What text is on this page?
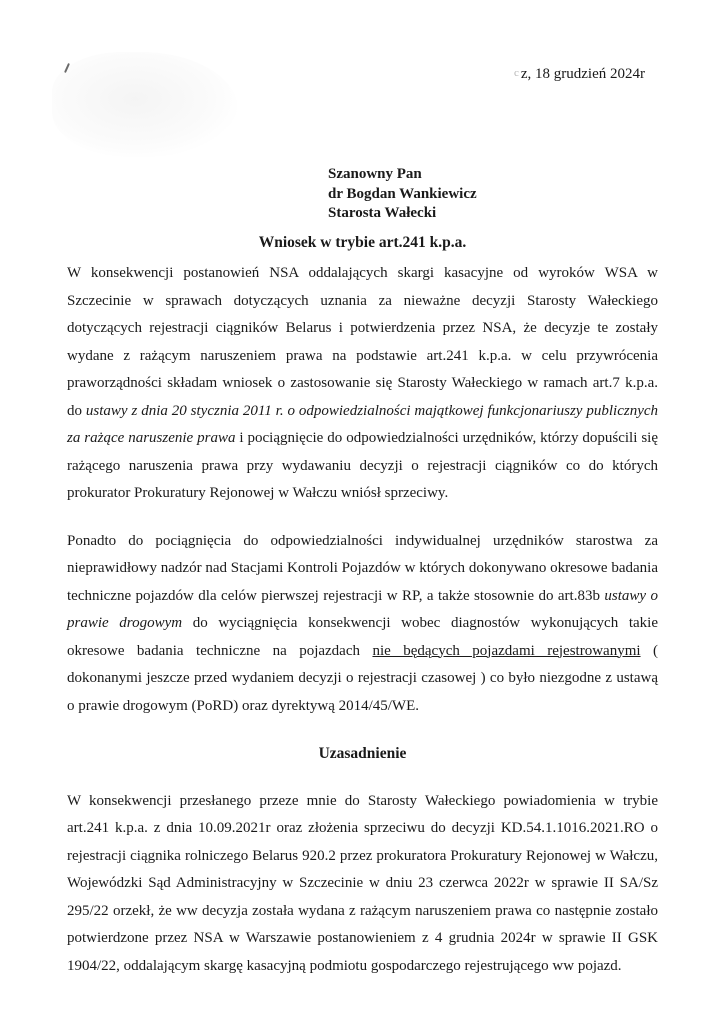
c z, 18 grudzień 2024r
Szanowny Pan
dr Bogdan Wankiewicz
Starosta Wałecki
Wniosek w trybie art.241 k.p.a.

W konsekwencji postanowień NSA oddalających skargi kasacyjne od wyroków WSA w Szczecinie w sprawach dotyczących uznania za nieważne decyzji Starosty Wałeckiego dotyczących rejestracji ciągników Belarus i potwierdzenia przez NSA, że decyzje te zostały wydane z rażącym naruszeniem prawa na podstawie art.241 k.p.a. w celu przywrócenia praworządności składam wniosek o zastosowanie się Starosty Wałeckiego w ramach art.7 k.p.a. do ustawy z dnia 20 stycznia 2011 r. o odpowiedzialności majątkowej funkcjonariuszy publicznych za rażące naruszenie prawa i pociągnięcie do odpowiedzialności urzędników, którzy dopuścili się rażącego naruszenia prawa przy wydawaniu decyzji o rejestracji ciągników co do których prokurator Prokuratury Rejonowej w Wałczu wniósł sprzeciwy.

Ponadto do pociągnięcia do odpowiedzialności indywidualnej urzędników starostwa za nieprawidłowy nadzór nad Stacjami Kontroli Pojazdów w których dokonywano okresowe badania techniczne pojazdów dla celów pierwszej rejestracji w RP, a także stosownie do art.83b ustawy o prawie drogowym do wyciągnięcia konsekwencji wobec diagnostów wykonujących takie okresowe badania techniczne na pojazdach nie będących pojazdami rejestrowanymi ( dokonanymi jeszcze przed wydaniem decyzji o rejestracji czasowej ) co było niezgodne z ustawą o prawie drogowym (PoRD) oraz dyrektywą 2014/45/WE.

Uzasadnienie

W konsekwencji przesłanego przeze mnie do Starosty Wałeckiego powiadomienia w trybie art.241 k.p.a. z dnia 10.09.2021r oraz złożenia sprzeciwu do decyzji KD.54.1.1016.2021.RO o rejestracji ciągnika rolniczego Belarus 920.2 przez prokuratora Prokuratury Rejonowej w Wałczu, Wojewódzki Sąd Administracyjny w Szczecinie w dniu 23 czerwca 2022r w sprawie II SA/Sz 295/22 orzekł, że ww decyzja została wydana z rażącym naruszeniem prawa co następnie zostało potwierdzone przez NSA w Warszawie postanowieniem z 4 grudnia 2024r w sprawie II GSK 1904/22, oddalającym skargę kasacyjną podmiotu gospodarczego rejestrującego ww pojazd.
